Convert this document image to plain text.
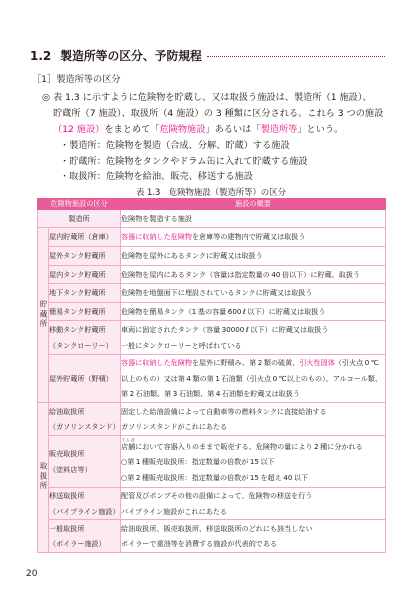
1.2 製造所等の区分、予防規程
［1］製造所等の区分
◎ 表 1.3 に示すように危険物を貯蔵し、又は取扱う施設は、製造所（1 施設）、
貯蔵所（7 施設）、取扱所（4 施設）の 3 種類に区分される。これら 3 つの施設
（12 施設）をまとめて「危険物施設」あるいは「製造所等」という。
・製造所：危険物を製造（合成、分解、貯蔵）する施設
・貯蔵所：危険物をタンクやドラム缶に入れて貯蔵する施設
・取扱所：危険物を給油、販売、移送する施設
表 1.3　危険物施設（製造所等）の区分
危険物施設の区分		施設の概要

製造所		危険物を製造する施設

貯蔵所	屋内貯蔵所（倉庫）	容器に収納した危険物を倉庫等の建物内で貯蔵又は取扱う

	屋外タンク貯蔵所	危険物を屋外にあるタンクに貯蔵又は取扱う

	屋内タンク貯蔵所	危険物を屋内にあるタンク（容量は指定数量の 40 倍以下）に貯蔵、取扱う

	地下タンク貯蔵所	危険物を地盤面下に埋設されているタンクに貯蔵又は取扱う

	簡易タンク貯蔵所	危険物を簡易タンク（1 基の容量 600 ℓ 以下）に貯蔵又は取扱う

	移動タンク貯蔵所
（タンクローリー）	車両に固定されたタンク（容量 30000 ℓ 以下）に貯蔵又は取扱う
一般にタンクローリーと呼ばれている

	屋外貯蔵所（野積）	容器に収納した危険物を屋外に野積み。第 2 類の硫黄、引火性固体（引火点 0 ℃
以上のもの）又は第 4 類の第 1 石油類（引火点 0 ℃以上のもの）、アルコール類、
第 2 石油類、第 3 石油類、第 4 石油類を貯蔵又は取扱う

取扱所	給油取扱所
（ガソリンスタンド）	固定した給油設備によって自動車等の燃料タンクに直接給油する
ガソリンスタンドがこれにあたる

	販売取扱所
（塗料店等）	店舗てんぽにおいて容器入りのままで販売する。危険物の量により 2 種に分かれる
○第 1 種販売取扱所：指定数量の倍数が 15 以下
○第 2 種販売取扱所：指定数量の倍数が 15 を超え 40 以下

	移送取扱所
（パイプライン施設）	配管及びポンプその他の設備によって、危険物の移送を行う
パイプライン施設がこれにあたる

	一般取扱所
（ボイラー施設）	給油取扱所、販売取扱所、移送取扱所のどれにも該当しない
ボイラーで重油等を消費する施設が代表的である
20
